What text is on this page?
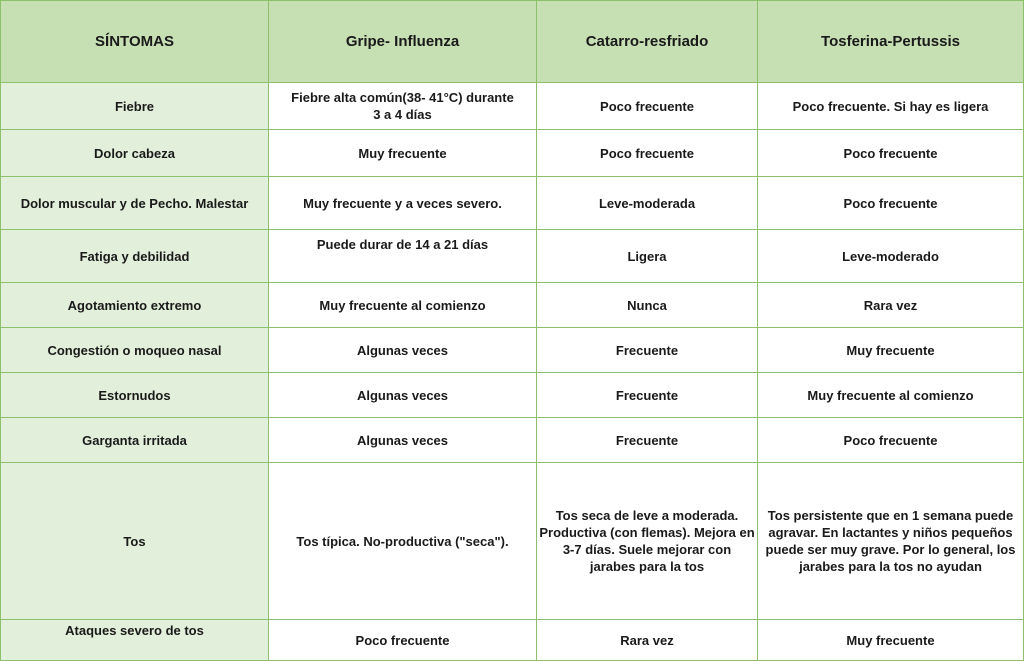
SÍNTOMAS	Gripe- Influenza	Catarro-resfriado	Tosferina-Pertussis
Fiebre	Fiebre alta común(38- 41°C) durante 3 a 4 días	Poco frecuente	Poco frecuente. Si hay es ligera
Dolor cabeza	Muy frecuente	Poco frecuente	Poco frecuente
Dolor muscular y de Pecho. Malestar	Muy frecuente y a veces severo.	Leve-moderada	Poco frecuente
Fatiga y debilidad	Puede durar de 14 a 21 días	Ligera	Leve-moderado
Agotamiento extremo	Muy frecuente al comienzo	Nunca	Rara vez
Congestión o moqueo nasal	Algunas veces	Frecuente	Muy frecuente
Estornudos	Algunas veces	Frecuente	Muy frecuente al comienzo
Garganta irritada	Algunas veces	Frecuente	Poco frecuente
Tos	Tos típica. No-productiva ("seca").	Tos seca de leve a moderada. Productiva (con flemas). Mejora en 3-7 días. Suele mejorar con jarabes para la tos	Tos persistente que en 1 semana puede agravar. En lactantes y niños pequeños puede ser muy grave. Por lo general, los jarabes para la tos no ayudan
Ataques severo de tos	Poco frecuente	Rara vez	Muy frecuente
